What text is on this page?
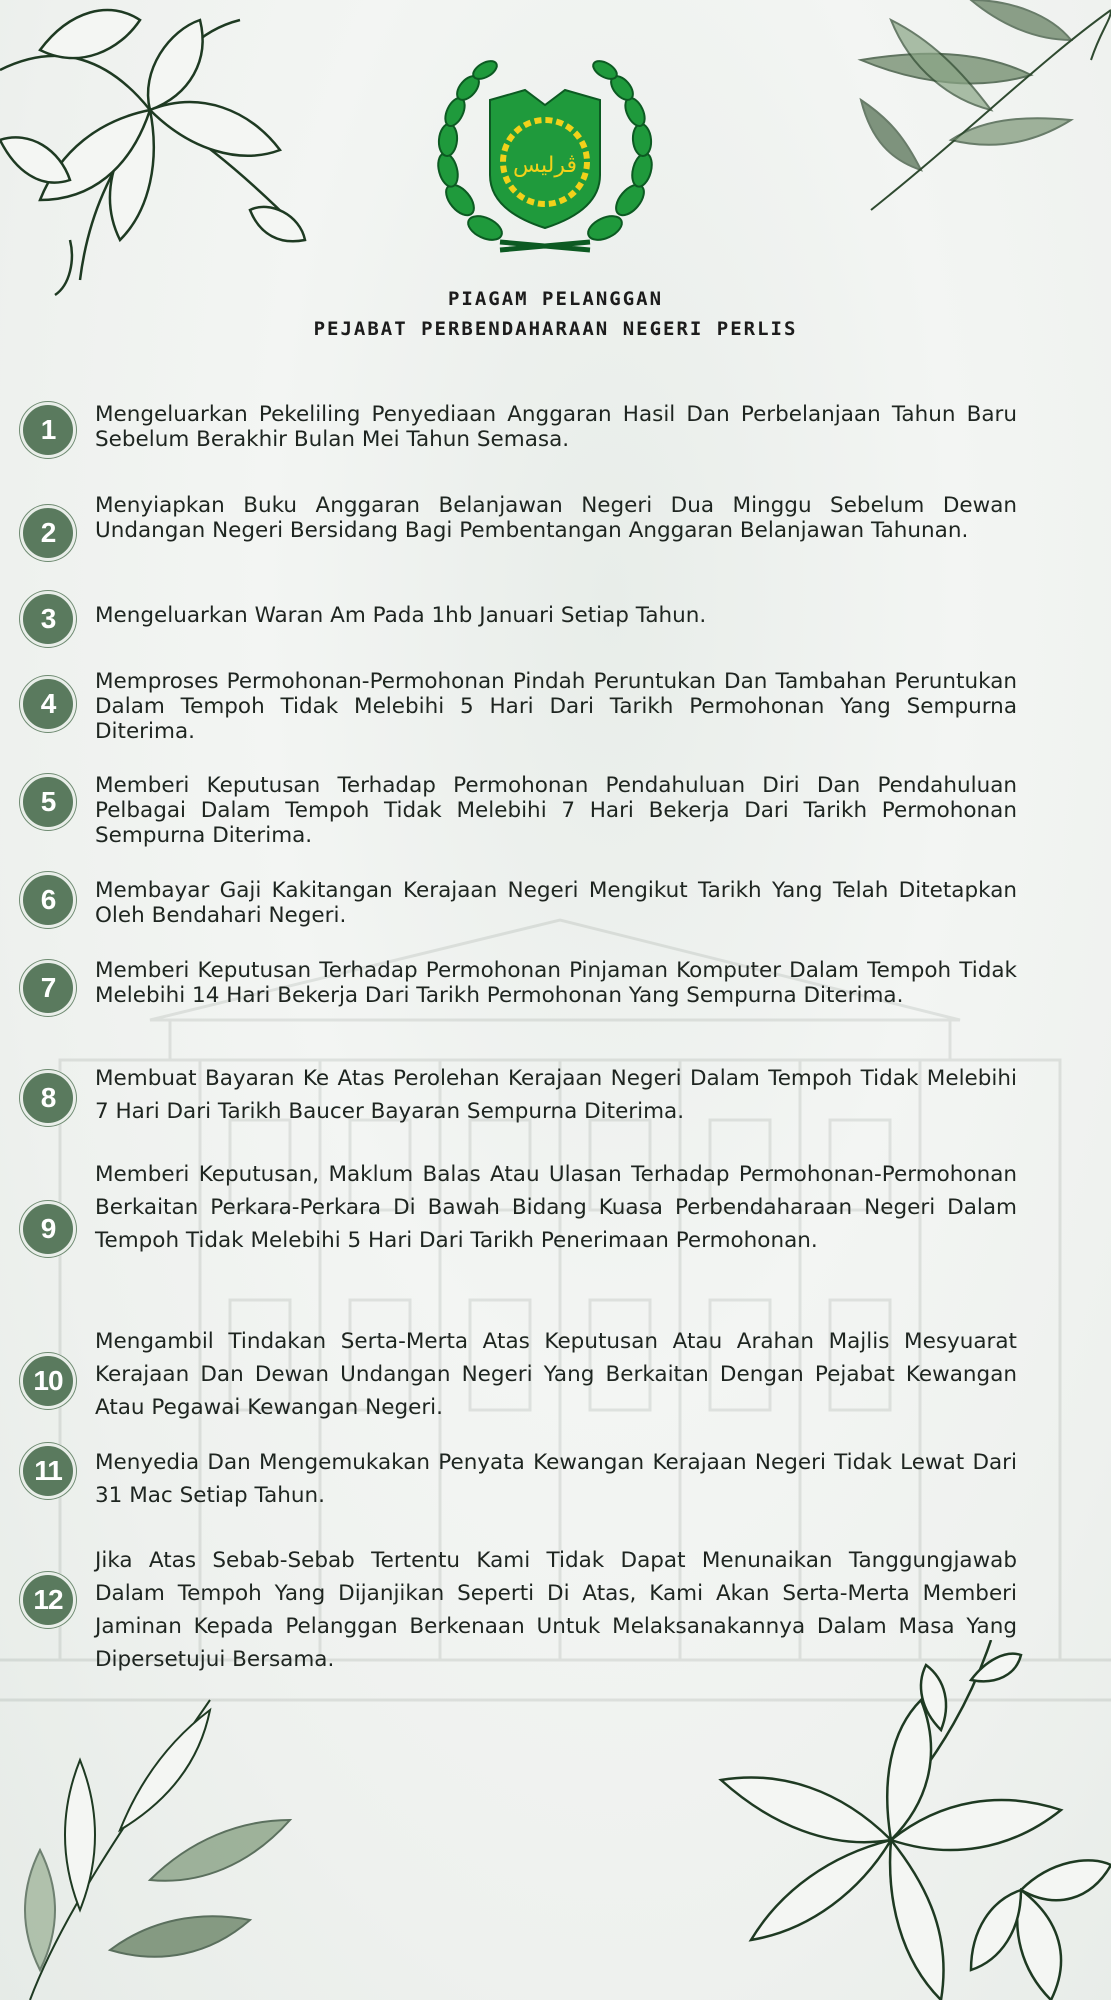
ڤرليس
PIAGAM PELANGGAN
PEJABAT PERBENDAHARAAN NEGERI PERLIS
1	Mengeluarkan Pekeliling Penyediaan Anggaran Hasil Dan Perbelanjaan Tahun Baru Sebelum Berakhir Bulan Mei Tahun Semasa.
2
Menyiapkan Buku Anggaran Belanjawan Negeri Dua Minggu Sebelum Dewan Undangan Negeri Bersidang Bagi Pembentangan Anggaran Belanjawan Tahunan.
3	Mengeluarkan Waran Am Pada 1hb Januari Setiap Tahun.
4
Memproses Permohonan-Permohonan Pindah Peruntukan Dan Tambahan Peruntukan Dalam Tempoh Tidak Melebihi 5 Hari Dari Tarikh Permohonan Yang Sempurna Diterima.
5
Memberi Keputusan Terhadap Permohonan Pendahuluan Diri Dan Pendahuluan Pelbagai Dalam Tempoh Tidak Melebihi 7 Hari Bekerja Dari Tarikh Permohonan Sempurna Diterima.
6	Membayar Gaji Kakitangan Kerajaan Negeri Mengikut Tarikh Yang Telah Ditetapkan Oleh Bendahari Negeri.
7
Memberi Keputusan Terhadap Permohonan Pinjaman Komputer Dalam Tempoh Tidak Melebihi 14 Hari Bekerja Dari Tarikh Permohonan Yang Sempurna Diterima.
8
Membuat Bayaran Ke Atas Perolehan Kerajaan Negeri Dalam Tempoh Tidak Melebihi 7 Hari Dari Tarikh Baucer Bayaran Sempurna Diterima.
9
Memberi Keputusan, Maklum Balas Atau Ulasan Terhadap Permohonan-Permohonan Berkaitan Perkara-Perkara Di Bawah Bidang Kuasa Perbendaharaan Negeri Dalam Tempoh Tidak Melebihi 5 Hari Dari Tarikh Penerimaan Permohonan.
10
Mengambil Tindakan Serta-Merta Atas Keputusan Atau Arahan Majlis Mesyuarat Kerajaan Dan Dewan Undangan Negeri Yang Berkaitan Dengan Pejabat Kewangan Atau Pegawai Kewangan Negeri.
11	Menyedia Dan Mengemukakan Penyata Kewangan Kerajaan Negeri Tidak Lewat Dari 31 Mac Setiap Tahun.
12
Jika Atas Sebab-Sebab Tertentu Kami Tidak Dapat Menunaikan Tanggungjawab Dalam Tempoh Yang Dijanjikan Seperti Di Atas, Kami Akan Serta-Merta Memberi Jaminan Kepada Pelanggan Berkenaan Untuk Melaksanakannya Dalam Masa Yang Dipersetujui Bersama.
